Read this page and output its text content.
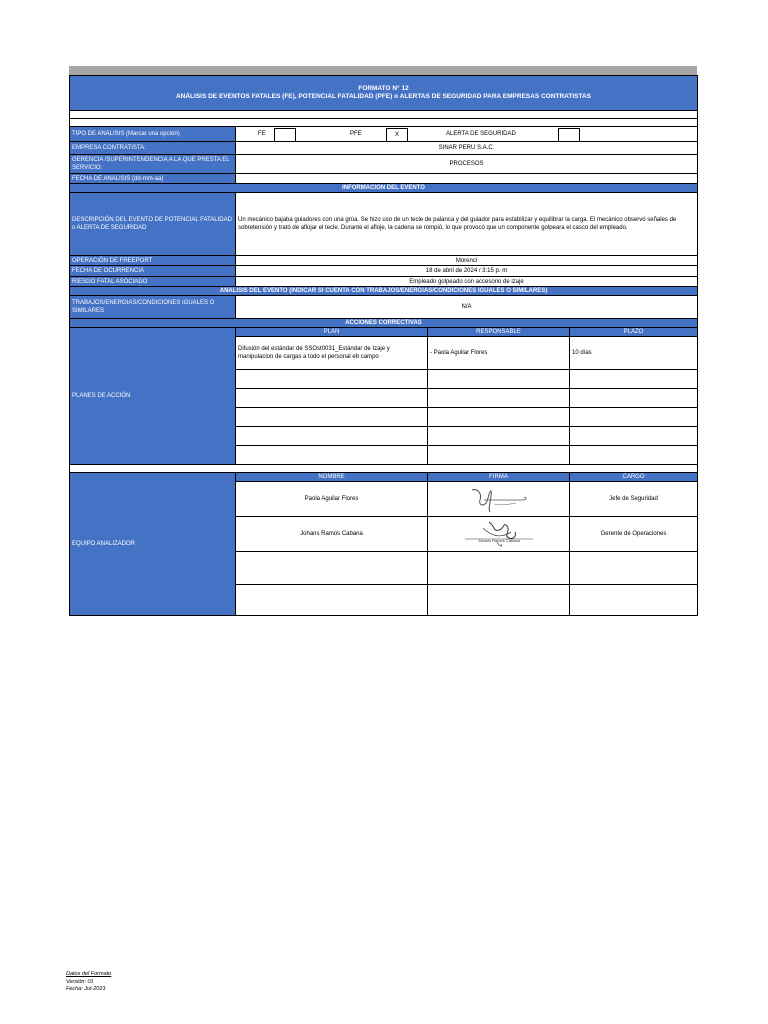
FORMATO N° 12
ANÁLISIS DE EVENTOS FATALES (FE), POTENCIAL FATALIDAD (PFE) o ALERTAS DE SEGURIDAD PARA EMPRESAS CONTRATISTAS			

TIPO DE ANALISIS (Marcar una opción)	FE PFE X ALERTA DE SEGURIDAD		

EMPRESA CONTRATISTA:	SINAR PERU S.A.C.		
GERENCIA /SUPERINTENDENCIA A LA QUE PRESTA EL SERVICIO:	PROCESOS		
FECHA DE ANALISIS (dd-mm-aa)			
INFORMACION DEL EVENTO			
DESCRIPCIÓN DEL EVENTO DE POTENCIAL FATALIDAD o ALERTA DE SEGURIDAD	Un mecánico bajaba guiadores con una grúa. Se hizo uso de un tecle de palanca y del guiador para estabilizar y equilibrar la carga. El mecánico observó señales de sobretensión y trató de aflojar el tecle. Durante el afloje, la cadena se rompió, lo que provocó que un componente golpeara el casco del empleado.		
OPERACIÓN DE FREEPORT	Morenci		
FECHA DE OCURRENCIA	18 de abril de 2024 / 3:15 p. m		
RIESGO FATAL ASOCIADO	Empleado golpeado con accesorio de izaje		
ANALISIS DEL EVENTO (INDICAR SI CUENTA CON TRABAJOS/ENERGIAS/CONDICIONES IGUALES O SIMILARES)			
TRABAJOS/ENERGIAS/CONDICIONES IGUALES O SIMILARES	N/A		
ACCIONES CORRECTIVAS			
PLANES DE ACCIÓN	PLAN	RESPONSABLE	PLAZO
	Difusión del estándar de SSOst0031_Estándar de Izaje y manipulacion de cargas a todo el personal eb campo	- Paola Aguilar Flores	10 días

EQUIPO ANALIZADOR	NOMBRE	FIRMA	CARGO
	Paola Aguilar Flores		Jefe de Seguridad
	Johans Ramos Cabana	Johans Ramos Cabana	Gerente de Operaciones

Datos del Formato
Versión: 01
Fecha: Jul-2023
